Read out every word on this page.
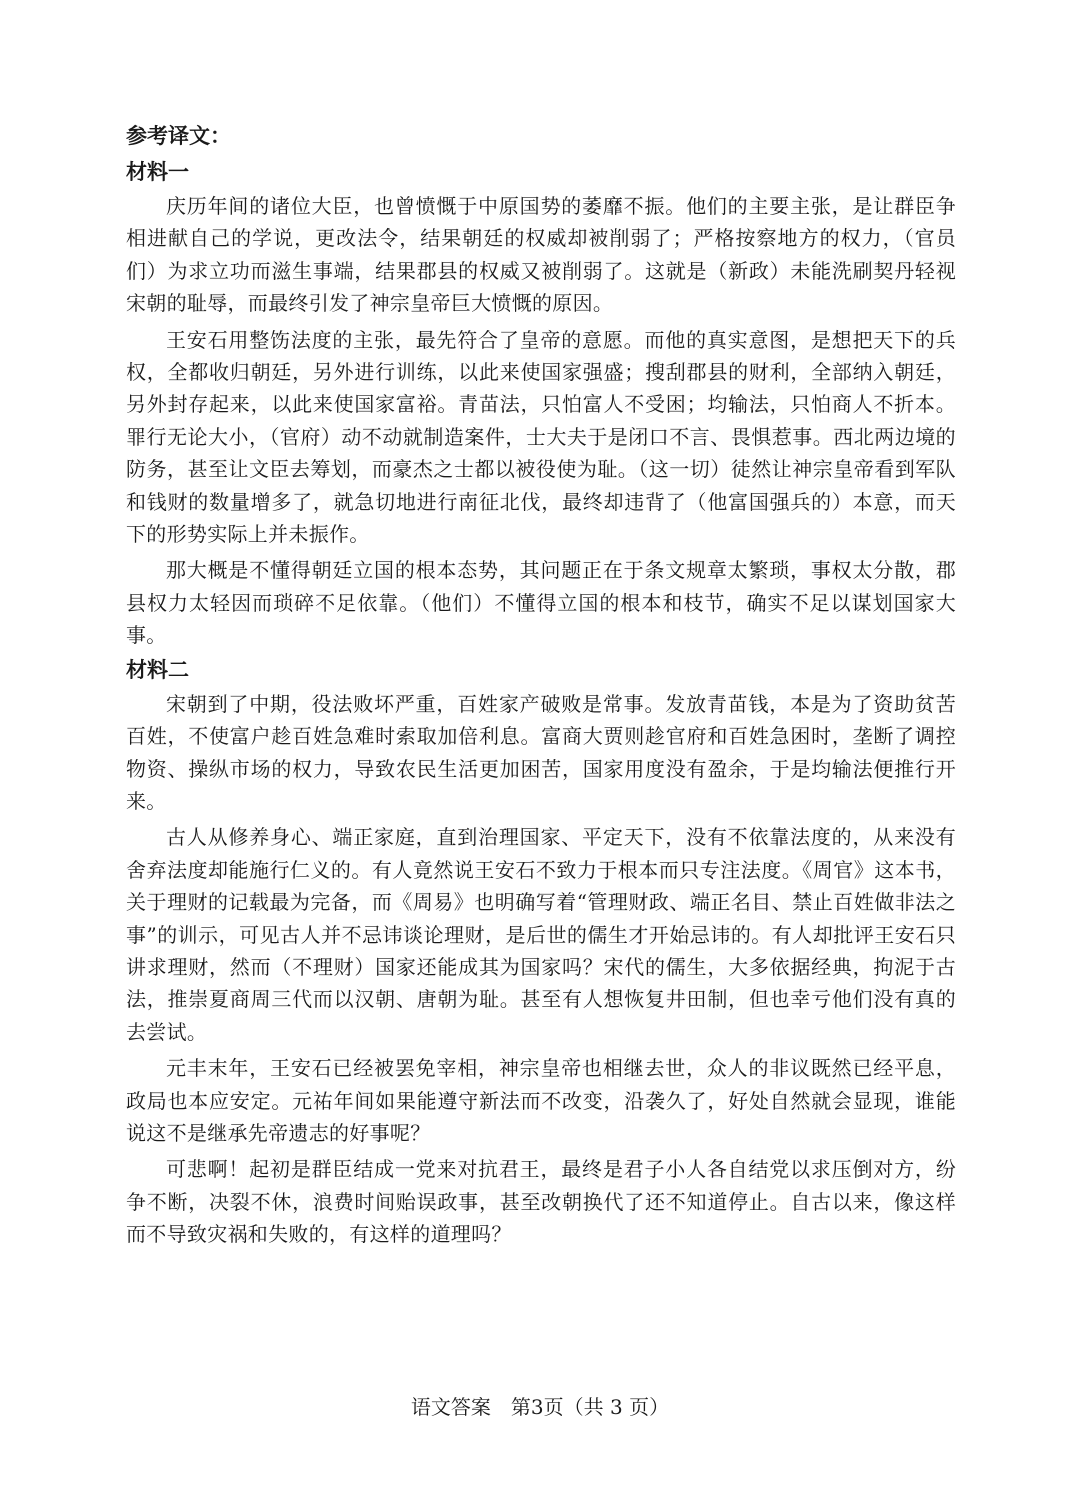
参考译文：

材料一

庆历年间的诸位大臣，也曾愤慨于中原国势的萎靡不振。他们的主要主张，是让群臣争相进献自己的学说，更改法令，结果朝廷的权威却被削弱了；严格按察地方的权力，（官员们）为求立功而滋生事端，结果郡县的权威又被削弱了。这就是（新政）未能洗刷契丹轻视宋朝的耻辱，而最终引发了神宗皇帝巨大愤慨的原因。

王安石用整饬法度的主张，最先符合了皇帝的意愿。而他的真实意图，是想把天下的兵权，全都收归朝廷，另外进行训练，以此来使国家强盛；搜刮郡县的财利，全部纳入朝廷，另外封存起来，以此来使国家富裕。青苗法，只怕富人不受困；均输法，只怕商人不折本。罪行无论大小，（官府）动不动就制造案件，士大夫于是闭口不言、畏惧惹事。西北两边境的防务，甚至让文臣去筹划，而豪杰之士都以被役使为耻。（这一切）徒然让神宗皇帝看到军队和钱财的数量增多了，就急切地进行南征北伐，最终却违背了（他富国强兵的）本意，而天下的形势实际上并未振作。

那大概是不懂得朝廷立国的根本态势，其问题正在于条文规章太繁琐，事权太分散，郡县权力太轻因而琐碎不足依靠。（他们）不懂得立国的根本和枝节，确实不足以谋划国家大事。

材料二

宋朝到了中期，役法败坏严重，百姓家产破败是常事。发放青苗钱，本是为了资助贫苦百姓，不使富户趁百姓急难时索取加倍利息。富商大贾则趁官府和百姓急困时，垄断了调控物资、操纵市场的权力，导致农民生活更加困苦，国家用度没有盈余，于是均输法便推行开来。

古人从修养身心、端正家庭，直到治理国家、平定天下，没有不依靠法度的，从来没有舍弃法度却能施行仁义的。有人竟然说王安石不致力于根本而只专注法度。《周官》这本书，关于理财的记载最为完备，而《周易》也明确写着“管理财政、端正名目、禁止百姓做非法之事”的训示，可见古人并不忌讳谈论理财，是后世的儒生才开始忌讳的。有人却批评王安石只讲求理财，然而（不理财）国家还能成其为国家吗？宋代的儒生，大多依据经典，拘泥于古法，推崇夏商周三代而以汉朝、唐朝为耻。甚至有人想恢复井田制，但也幸亏他们没有真的去尝试。

元丰末年，王安石已经被罢免宰相，神宗皇帝也相继去世，众人的非议既然已经平息，政局也本应安定。元祐年间如果能遵守新法而不改变，沿袭久了，好处自然就会显现，谁能说这不是继承先帝遗志的好事呢？

可悲啊！起初是群臣结成一党来对抗君王，最终是君子小人各自结党以求压倒对方，纷争不断，决裂不休，浪费时间贻误政事，甚至改朝换代了还不知道停止。自古以来，像这样而不导致灾祸和失败的，有这样的道理吗？

语文答案　第3页（共 3 页）
